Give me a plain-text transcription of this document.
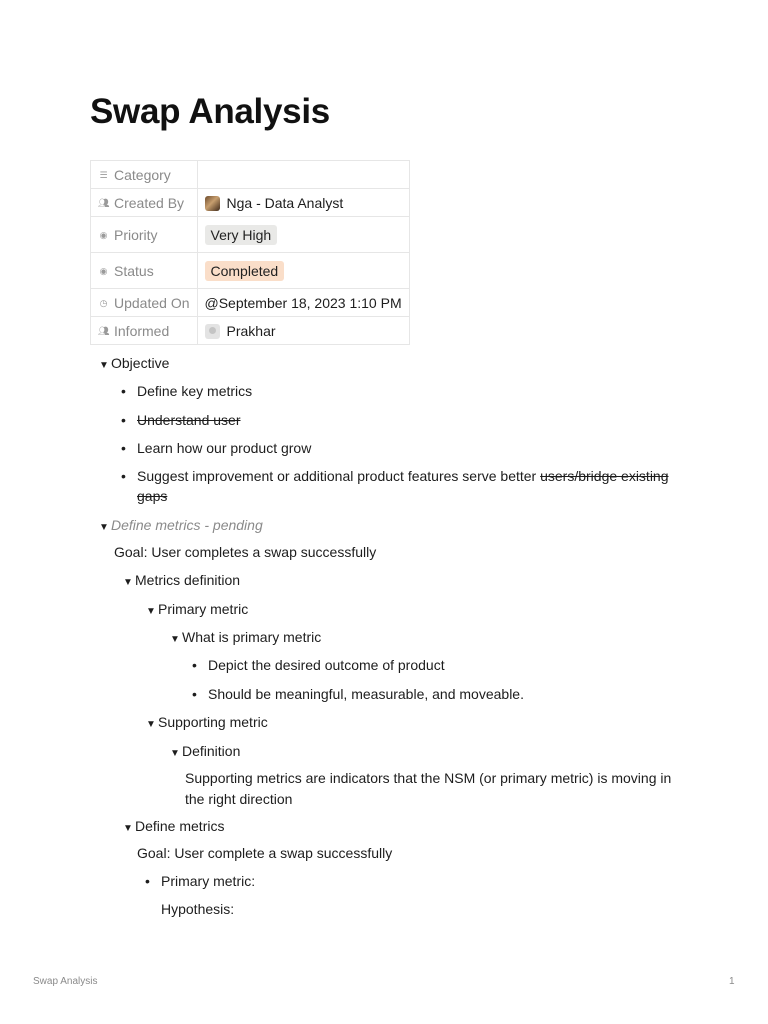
Swap Analysis
☰ Category	
👥︎ Created By	Nga - Data Analyst
◉ Priority	Very High
◉ Status	Completed
◷ Updated On	@September 18, 2023 1:10 PM
👥︎ Informed	Prakhar
▼ Objective
• Define key metrics
• Understand user
• Learn how our product grow
• Suggest improvement or additional product features serve better users/bridge existing
gaps
▼ Define metrics - pending
Goal: User completes a swap successfully
▼ Metrics definition
▼ Primary metric
▼ What is primary metric
• Depict the desired outcome of product
• Should be meaningful, measurable, and moveable.
▼ Supporting metric
▼ Definition
Supporting metrics are indicators that the NSM (or primary metric) is moving in the right direction
▼ Define metrics
Goal: User complete a swap successfully
• Primary metric:
Hypothesis:
Swap Analysis	1
